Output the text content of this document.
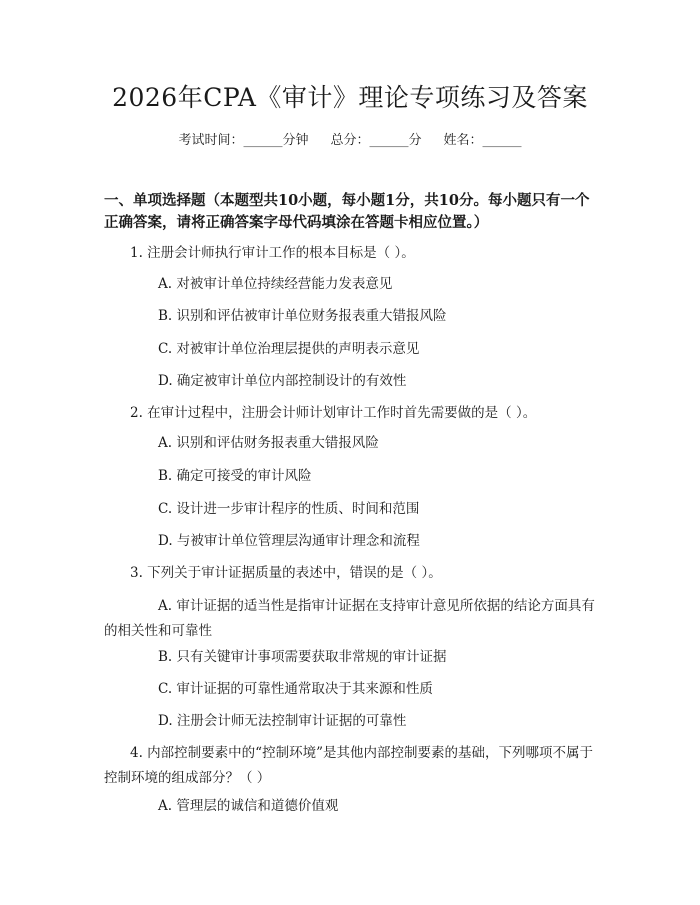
2026年CPA《审计》理论专项练习及答案
考试时间：______分钟 总分：______分 姓名：______
一、单项选择题（本题型共10小题，每小题1分，共10分。每小题只有一个正确答案，请将正确答案字母代码填涂在答题卡相应位置。）
1. 注册会计师执行审计工作的根本目标是（ ）。
A. 对被审计单位持续经营能力发表意见
B. 识别和评估被审计单位财务报表重大错报风险
C. 对被审计单位治理层提供的声明表示意见
D. 确定被审计单位内部控制设计的有效性
2. 在审计过程中，注册会计师计划审计工作时首先需要做的是（ ）。
A. 识别和评估财务报表重大错报风险
B. 确定可接受的审计风险
C. 设计进一步审计程序的性质、时间和范围
D. 与被审计单位管理层沟通审计理念和流程
3. 下列关于审计证据质量的表述中，错误的是（ ）。
A. 审计证据的适当性是指审计证据在支持审计意见所依据的结论方面具有的相关性和可靠性
B. 只有关键审计事项需要获取非常规的审计证据
C. 审计证据的可靠性通常取决于其来源和性质
D. 注册会计师无法控制审计证据的可靠性
4. 内部控制要素中的“控制环境”是其他内部控制要素的基础，下列哪项不属于控制环境的组成部分？（ ）
A. 管理层的诚信和道德价值观
